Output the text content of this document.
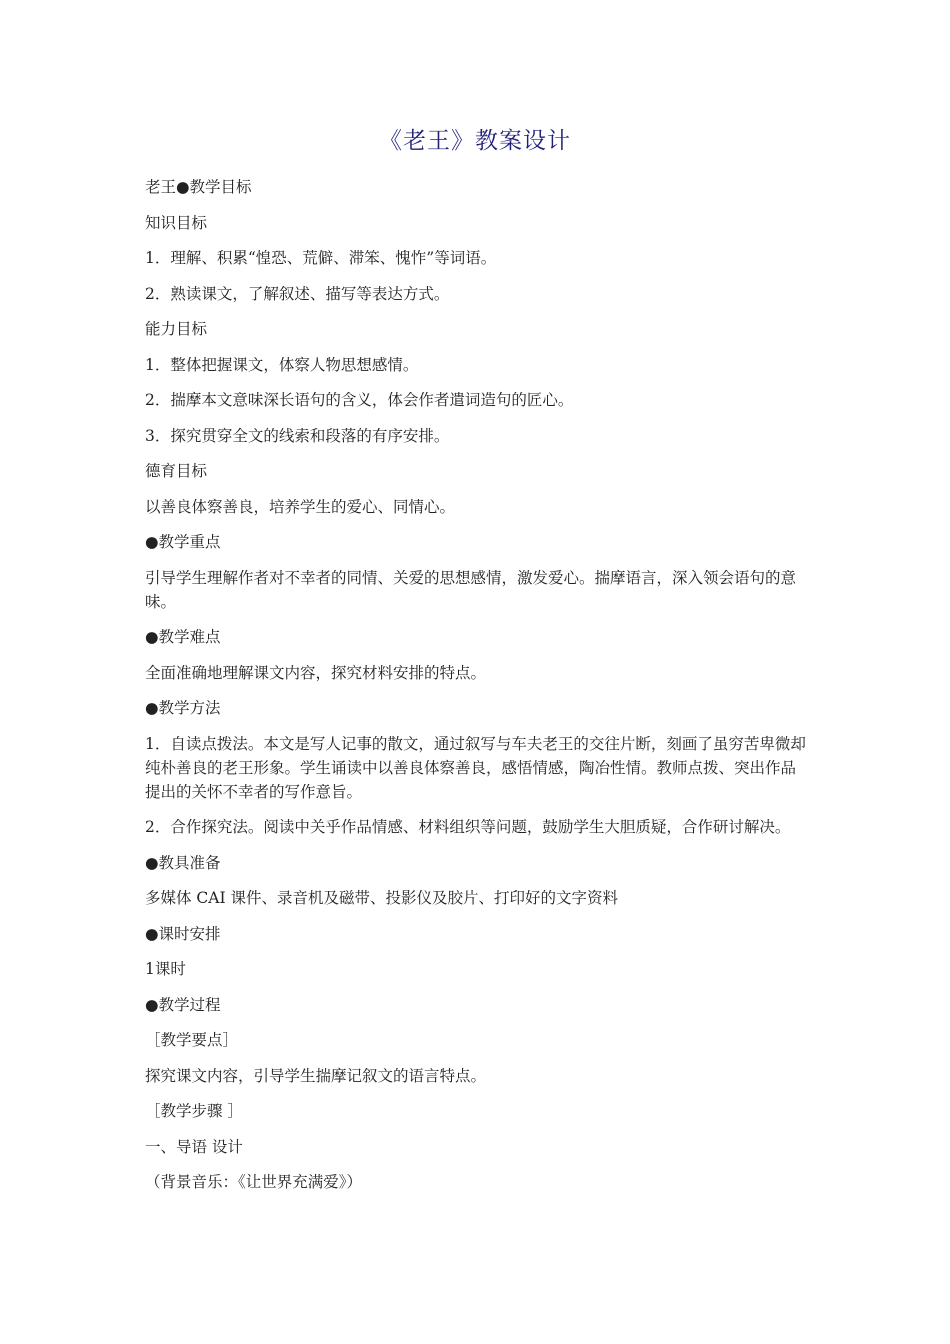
《老王》教案设计
老王●教学目标
知识目标
1．理解、积累“惶恐、荒僻、滞笨、愧怍”等词语。
2．熟读课文，了解叙述、描写等表达方式。
能力目标
1．整体把握课文，体察人物思想感情。
2．揣摩本文意味深长语句的含义，体会作者遣词造句的匠心。
3．探究贯穿全文的线索和段落的有序安排。
德育目标
以善良体察善良，培养学生的爱心、同情心。
●教学重点
引导学生理解作者对不幸者的同情、关爱的思想感情，激发爱心。揣摩语言，深入领会语句的意味。
●教学难点
全面准确地理解课文内容，探究材料安排的特点。
●教学方法
1．自读点拨法。本文是写人记事的散文，通过叙写与车夫老王的交往片断，刻画了虽穷苦卑微却纯朴善良的老王形象。学生诵读中以善良体察善良，感悟情感，陶冶性情。教师点拨、突出作品提出的关怀不幸者的写作意旨。
2．合作探究法。阅读中关乎作品情感、材料组织等问题，鼓励学生大胆质疑，合作研讨解决。
●教具准备
多媒体 CAI 课件、录音机及磁带、投影仪及胶片、打印好的文字资料
●课时安排
1课时
●教学过程
［教学要点］
探究课文内容，引导学生揣摩记叙文的语言特点。
［教学步骤 ］
一、导语 设计
（背景音乐：《让世界充满爱》）
